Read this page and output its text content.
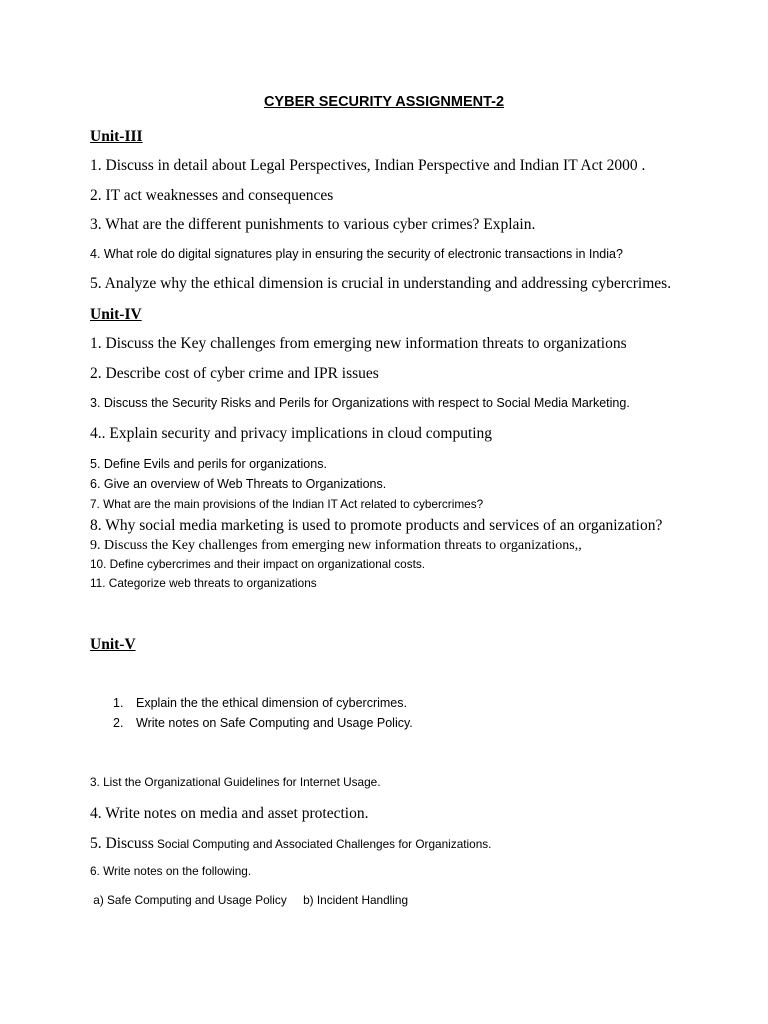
CYBER SECURITY ASSIGNMENT-2
Unit-III
1. Discuss in detail about Legal Perspectives, Indian Perspective and Indian IT Act 2000 .
2. IT act weaknesses and consequences
3. What are the different punishments to various cyber crimes? Explain.
4. What role do digital signatures play in ensuring the security of electronic transactions in India?
5. Analyze why the ethical dimension is crucial in understanding and addressing cybercrimes.
Unit-IV
1. Discuss the Key challenges from emerging new information threats to organizations
2. Describe cost of cyber crime and IPR issues
3. Discuss the Security Risks and Perils for Organizations with respect to Social Media Marketing.
4.. Explain security and privacy implications in cloud computing
5. Define Evils and perils for organizations.
6. Give an overview of Web Threats to Organizations.
7. What are the main provisions of the Indian IT Act related to cybercrimes?
8. Why social media marketing is used to promote products and services of an organization?
9. Discuss the Key challenges from emerging new information threats to organizations,,
10. Define cybercrimes and their impact on organizational costs.
11. Categorize web threats to organizations
Unit-V
1. Explain the the ethical dimension of cybercrimes.
2. Write notes on Safe Computing and Usage Policy.
3. List the Organizational Guidelines for Internet Usage.
4. Write notes on media and asset protection.
5. Discuss Social Computing and Associated Challenges for Organizations.
6. Write notes on the following.
a) Safe Computing and Usage Policy     b) Incident Handling
